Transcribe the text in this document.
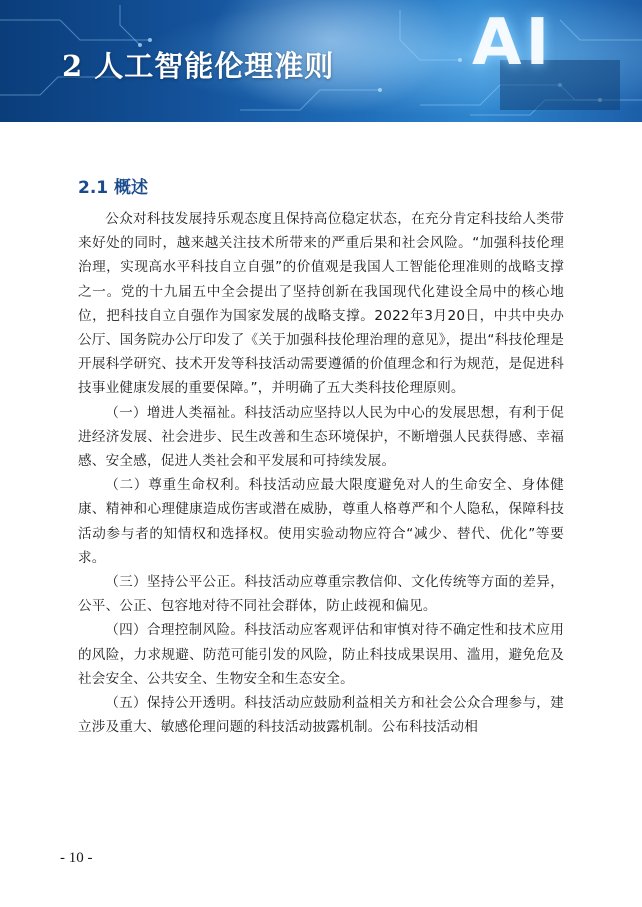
AI
2 人工智能伦理准则
2.1 概述

公众对科技发展持乐观态度且保持高位稳定状态，在充分肯定科技给人类带来好处的同时，越来越关注技术所带来的严重后果和社会风险。“加强科技伦理治理，实现高水平科技自立自强”的价值观是我国人工智能伦理准则的战略支撑之一。党的十九届五中全会提出了坚持创新在我国现代化建设全局中的核心地位，把科技自立自强作为国家发展的战略支撑。2022年3月20日，中共中央办公厅、国务院办公厅印发了《关于加强科技伦理治理的意见》，提出“科技伦理是开展科学研究、技术开发等科技活动需要遵循的价值理念和行为规范，是促进科技事业健康发展的重要保障。”，并明确了五大类科技伦理原则。

（一）增进人类福祉。科技活动应坚持以人民为中心的发展思想，有利于促进经济发展、社会进步、民生改善和生态环境保护，不断增强人民获得感、幸福感、安全感，促进人类社会和平发展和可持续发展。

（二）尊重生命权利。科技活动应最大限度避免对人的生命安全、身体健康、精神和心理健康造成伤害或潜在威胁，尊重人格尊严和个人隐私，保障科技活动参与者的知情权和选择权。使用实验动物应符合“减少、替代、优化”等要求。

（三）坚持公平公正。科技活动应尊重宗教信仰、文化传统等方面的差异，公平、公正、包容地对待不同社会群体，防止歧视和偏见。

（四）合理控制风险。科技活动应客观评估和审慎对待不确定性和技术应用的风险，力求规避、防范可能引发的风险，防止科技成果误用、滥用，避免危及社会安全、公共安全、生物安全和生态安全。

（五）保持公开透明。科技活动应鼓励利益相关方和社会公众合理参与，建立涉及重大、敏感伦理问题的科技活动披露机制。公布科技活动相

- 10 -
